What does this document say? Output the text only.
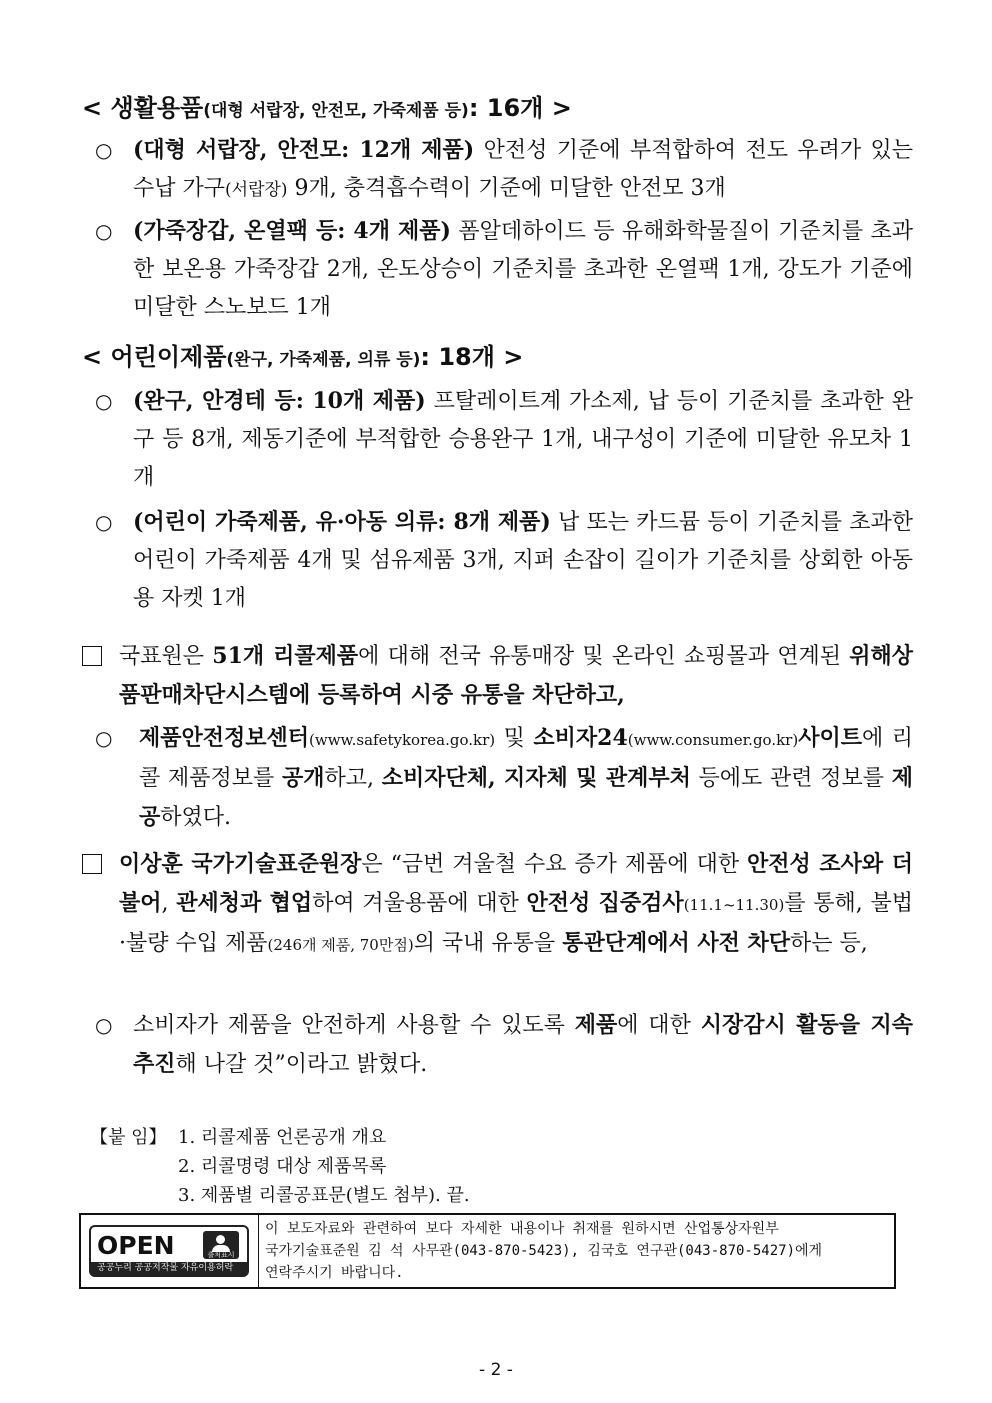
< 생활용품(대형 서랍장, 안전모, 가죽제품 등): 16개 >
○ (대형 서랍장, 안전모: 12개 제품) 안전성 기준에 부적합하여 전도 우려가 있는 수납 가구(서랍장) 9개, 충격흡수력이 기준에 미달한 안전모 3개
○ (가죽장갑, 온열팩 등: 4개 제품) 폼알데하이드 등 유해화학물질이 기준치를 초과한 보온용 가죽장갑 2개, 온도상승이 기준치를 초과한 온열팩 1개, 강도가 기준에 미달한 스노보드 1개
< 어린이제품(완구, 가죽제품, 의류 등): 18개 >
○ (완구, 안경테 등: 10개 제품) 프탈레이트계 가소제, 납 등이 기준치를 초과한 완구 등 8개, 제동기준에 부적합한 승용완구 1개, 내구성이 기준에 미달한 유모차 1개
○ (어린이 가죽제품, 유·아동 의류: 8개 제품) 납 또는 카드뮴 등이 기준치를 초과한 어린이 가죽제품 4개 및 섬유제품 3개, 지퍼 손잡이 길이가 기준치를 상회한 아동용 자켓 1개
국표원은 51개 리콜제품에 대해 전국 유통매장 및 온라인 쇼핑몰과 연계된 위해상품판매차단시스템에 등록하여 시중 유통을 차단하고,
○ 제품안전정보센터(www.safetykorea.go.kr) 및 소비자24(www.consumer.go.kr)사이트에 리콜 제품정보를 공개하고, 소비자단체, 지자체 및 관계부처 등에도 관련 정보를 제공하였다.
이상훈 국가기술표준원장은 “금번 겨울철 수요 증가 제품에 대한 안전성 조사와 더불어, 관세청과 협업하여 겨울용품에 대한 안전성 집중검사(11.1~11.30)를 통해, 불법·불량 수입 제품(246개 제품, 70만점)의 국내 유통을 통관단계에서 사전 차단하는 등,
○ 소비자가 제품을 안전하게 사용할 수 있도록 제품에 대한 시장감시 활동을 지속 추진해 나갈 것”이라고 밝혔다.
【붙 임】 1. 리콜제품 언론공개 개요
2. 리콜명령 대상 제품목록
3. 제품별 리콜공표문(별도 첨부). 끝.
OPEN	출처표시
공공누리 공공저작물 자유이용허락
이 보도자료와 관련하여 보다 자세한 내용이나 취재를 원하시면 산업통상자원부
국가기술표준원 김 석 사무관(043-870-5423), 김국호 연구관(043-870-5427)에게
연락주시기 바랍니다.
- 2 -
